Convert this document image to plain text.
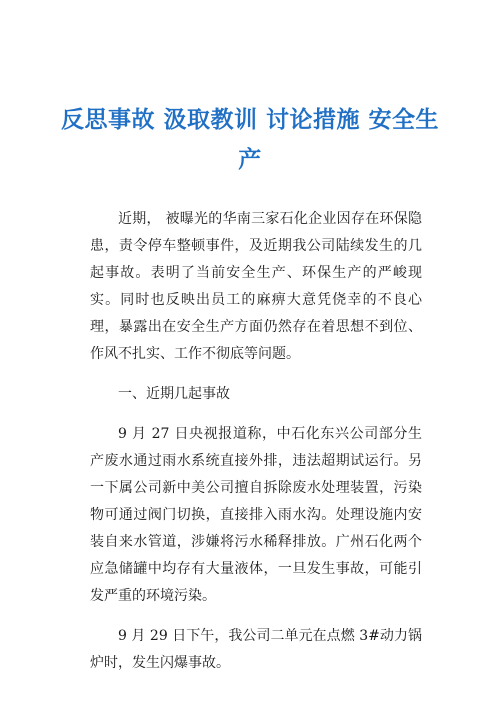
反思事故 汲取教训 讨论措施 安全生产

近期， 被曝光的华南三家石化企业因存在环保隐患，责令停车整顿事件，及近期我公司陆续发生的几起事故。表明了当前安全生产、环保生产的严峻现实。同时也反映出员工的麻痹大意凭侥幸的不良心理，暴露出在安全生产方面仍然存在着思想不到位、作风不扎实、工作不彻底等问题。

一、近期几起事故

9 月 27 日央视报道称，中石化东兴公司部分生产废水通过雨水系统直接外排，违法超期试运行。另一下属公司新中美公司擅自拆除废水处理装置，污染物可通过阀门切换，直接排入雨水沟。处理设施内安装自来水管道，涉嫌将污水稀释排放。广州石化两个应急储罐中均存有大量液体，一旦发生事故，可能引发严重的环境污染。

9 月 29 日下午，我公司二单元在点燃 3#动力锅炉时，发生闪爆事故。
